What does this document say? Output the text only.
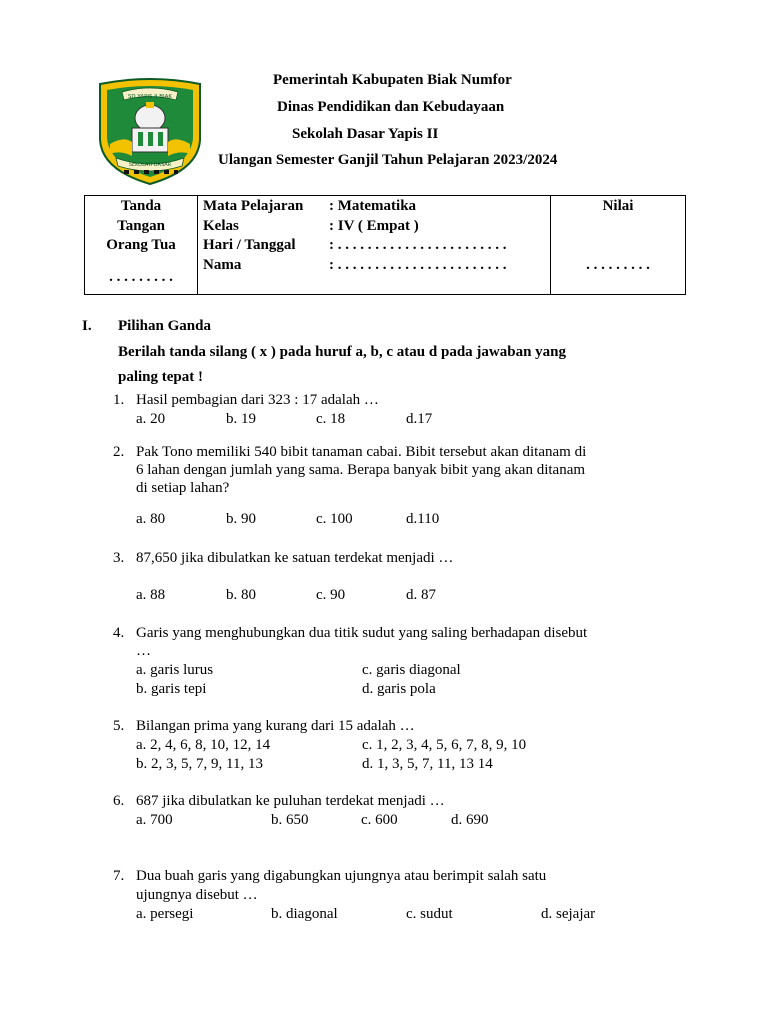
SD YAPIS II BIAK
SEKOLAH DASAR
Pemerintah Kabupaten Biak Numfor
Dinas Pendidikan dan Kebudayaan
Sekolah Dasar Yapis II
Ulangan Semester Ganjil Tahun Pelajaran 2023/2024
Tanda
Tangan
Orang Tua
. . . . . . . . .

Mata Pelajaran : Matematika
Kelas	: IV ( Empat )
Hari / Tanggal : . . . . . . . . . . . . . . . . . . . . . . .
Nama	: . . . . . . . . . . . . . . . . . . . . . . .

Nilai
. . . . . . . . .
I. Pilihan Ganda
Berilah tanda silang ( x ) pada huruf a, b, c atau d pada jawaban yang
paling tepat !
1. Hasil pembagian dari 323 : 17 adalah …
a. 20	b. 19	c. 18	d.17
2. Pak Tono memiliki 540 bibit tanaman cabai. Bibit tersebut akan ditanam di
6 lahan dengan jumlah yang sama. Berapa banyak bibit yang akan ditanam
di setiap lahan?
a. 80	b. 90	c. 100	d.110
3. 87,650 jika dibulatkan ke satuan terdekat menjadi …
a. 88	b. 80	c. 90	d. 87
4. Garis yang menghubungkan dua titik sudut yang saling berhadapan disebut
…
a. garis lurus	c. garis diagonal
b. garis tepi	d. garis pola
5. Bilangan prima yang kurang dari 15 adalah …
a. 2, 4, 6, 8, 10, 12, 14	c. 1, 2, 3, 4, 5, 6, 7, 8, 9, 10
b. 2, 3, 5, 7, 9, 11, 13	d. 1, 3, 5, 7, 11, 13 14
6. 687 jika dibulatkan ke puluhan terdekat menjadi …
a. 700	b. 650	c. 600	d. 690
7. Dua buah garis yang digabungkan ujungnya atau berimpit salah satu
ujungnya disebut …
a. persegi	b. diagonal	c. sudut	d. sejajar
